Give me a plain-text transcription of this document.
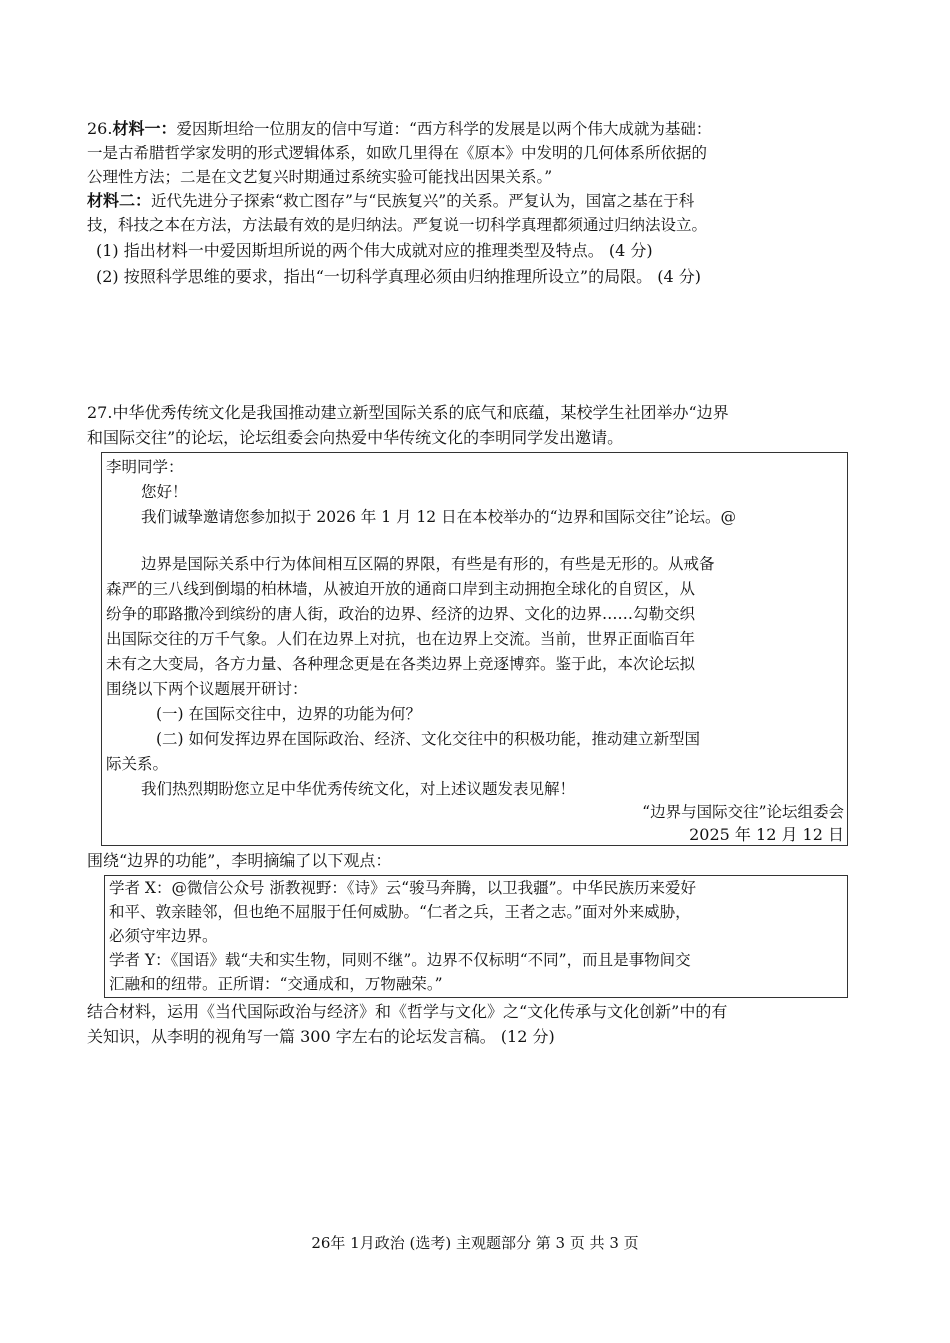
26.材料一：爱因斯坦给一位朋友的信中写道：“西方科学的发展是以两个伟大成就为基础：
一是古希腊哲学家发明的形式逻辑体系，如欧几里得在《原本》中发明的几何体系所依据的
公理性方法；二是在文艺复兴时期通过系统实验可能找出因果关系。”
材料二：近代先进分子探索“救亡图存”与“民族复兴”的关系。严复认为，国富之基在于科
技，科技之本在方法，方法最有效的是归纳法。严复说一切科学真理都须通过归纳法设立。
(1) 指出材料一中爱因斯坦所说的两个伟大成就对应的推理类型及特点。 (4 分)
(2) 按照科学思维的要求，指出“一切科学真理必须由归纳推理所设立”的局限。 (4 分)
27.中华优秀传统文化是我国推动建立新型国际关系的底气和底蕴，某校学生社团举办“边界
和国际交往”的论坛，论坛组委会向热爱中华传统文化的李明同学发出邀请。
李明同学：
您好！
我们诚挚邀请您参加拟于 2026 年 1 月 12 日在本校举办的“边界和国际交往”论坛。@
边界是国际关系中行为体间相互区隔的界限，有些是有形的，有些是无形的。从戒备
森严的三八线到倒塌的柏林墙，从被迫开放的通商口岸到主动拥抱全球化的自贸区，从
纷争的耶路撒冷到缤纷的唐人街，政治的边界、经济的边界、文化的边界……勾勒交织
出国际交往的万千气象。人们在边界上对抗，也在边界上交流。当前，世界正面临百年
未有之大变局，各方力量、各种理念更是在各类边界上竞逐博弈。鉴于此，本次论坛拟
围绕以下两个议题展开研讨：
(一) 在国际交往中，边界的功能为何？
(二) 如何发挥边界在国际政治、经济、文化交往中的积极功能，推动建立新型国
际关系。
我们热烈期盼您立足中华优秀传统文化，对上述议题发表见解！
“边界与国际交往”论坛组委会
2025 年 12 月 12 日
围绕“边界的功能”，李明摘编了以下观点：
学者 X：@微信公众号 浙教视野：《诗》云“骏马奔腾，以卫我疆”。中华民族历来爱好
和平、敦亲睦邻，但也绝不屈服于任何威胁。“仁者之兵，王者之志。”面对外来威胁，
必须守牢边界。
学者 Y：《国语》载“夫和实生物，同则不继”。边界不仅标明“不同”，而且是事物间交
汇融和的纽带。正所谓：“交通成和，万物融荣。”
结合材料，运用《当代国际政治与经济》和《哲学与文化》之“文化传承与文化创新”中的有
关知识，从李明的视角写一篇 300 字左右的论坛发言稿。 (12 分)
26年 1月政治 (选考) 主观题部分 第 3 页 共 3 页
